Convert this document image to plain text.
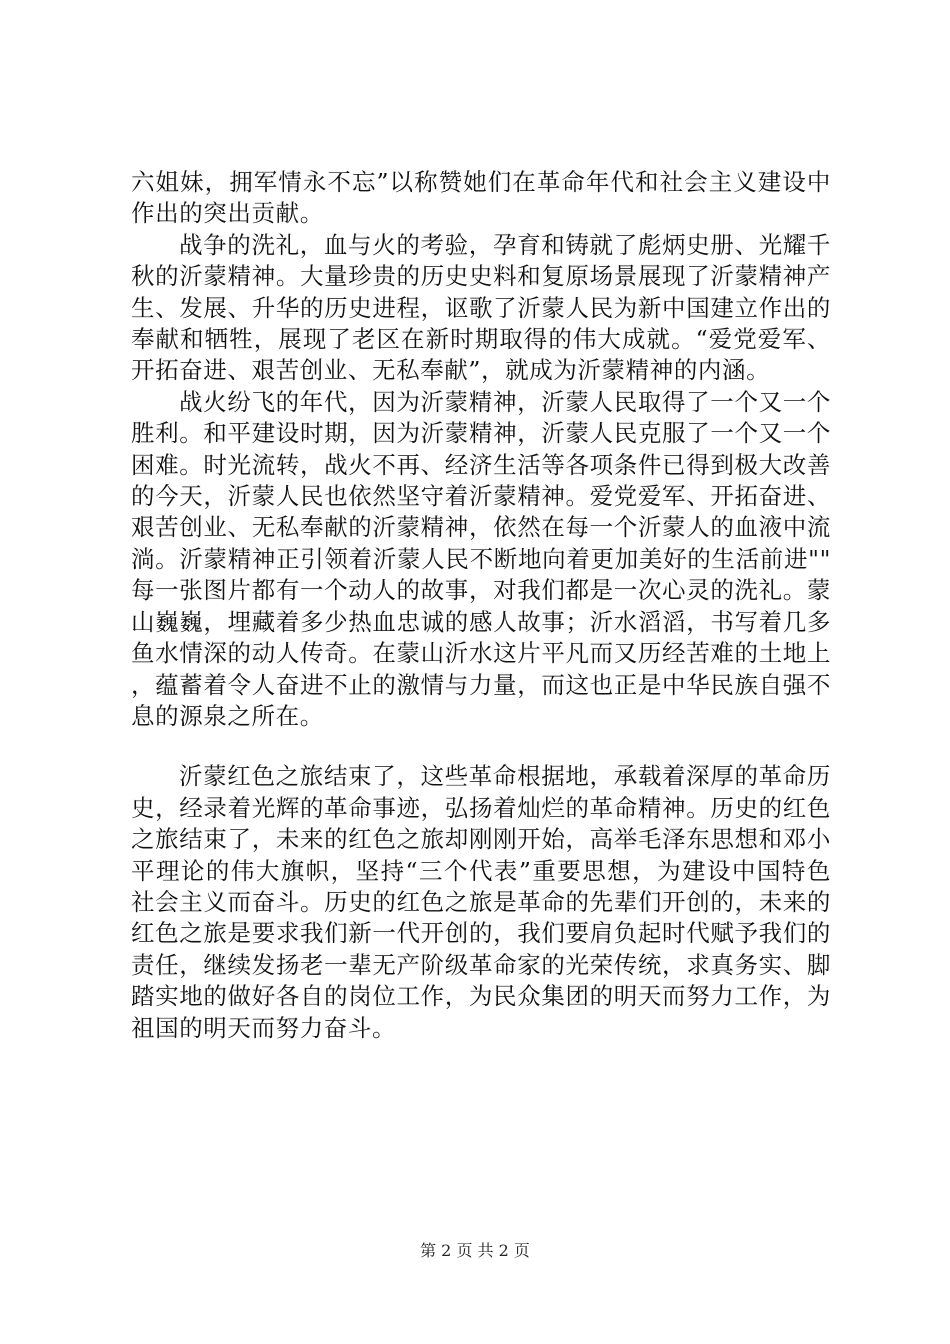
六姐妹，拥军情永不忘”以称赞她们在革命年代和社会主义建设中作出的突出贡献。

战争的洗礼，血与火的考验，孕育和铸就了彪炳史册、光耀千秋的沂蒙精神。大量珍贵的历史史料和复原场景展现了沂蒙精神产生、发展、升华的历史进程，讴歌了沂蒙人民为新中国建立作出的奉献和牺牲，展现了老区在新时期取得的伟大成就。“爱党爱军、开拓奋进、艰苦创业、无私奉献”，就成为沂蒙精神的内涵。

战火纷飞的年代，因为沂蒙精神，沂蒙人民取得了一个又一个胜利。和平建设时期，因为沂蒙精神，沂蒙人民克服了一个又一个困难。时光流转，战火不再、经济生活等各项条件已得到极大改善的今天，沂蒙人民也依然坚守着沂蒙精神。爱党爱军、开拓奋进、艰苦创业、无私奉献的沂蒙精神，依然在每一个沂蒙人的血液中流淌。沂蒙精神正引领着沂蒙人民不断地向着更加美好的生活前进""每一张图片都有一个动人的故事，对我们都是一次心灵的洗礼。蒙山巍巍，埋藏着多少热血忠诚的感人故事；沂水滔滔，书写着几多鱼水情深的动人传奇。在蒙山沂水这片平凡而又历经苦难的土地上，蕴蓄着令人奋进不止的激情与力量，而这也正是中华民族自强不息的源泉之所在。

沂蒙红色之旅结束了，这些革命根据地，承载着深厚的革命历史，经录着光辉的革命事迹，弘扬着灿烂的革命精神。历史的红色之旅结束了，未来的红色之旅却刚刚开始，高举毛泽东思想和邓小平理论的伟大旗帜，坚持“三个代表”重要思想，为建设中国特色社会主义而奋斗。历史的红色之旅是革命的先辈们开创的，未来的红色之旅是要求我们新一代开创的，我们要肩负起时代赋予我们的责任，继续发扬老一辈无产阶级革命家的光荣传统，求真务实、脚踏实地的做好各自的岗位工作，为民众集团的明天而努力工作，为祖国的明天而努力奋斗。

第 2 页 共 2 页
